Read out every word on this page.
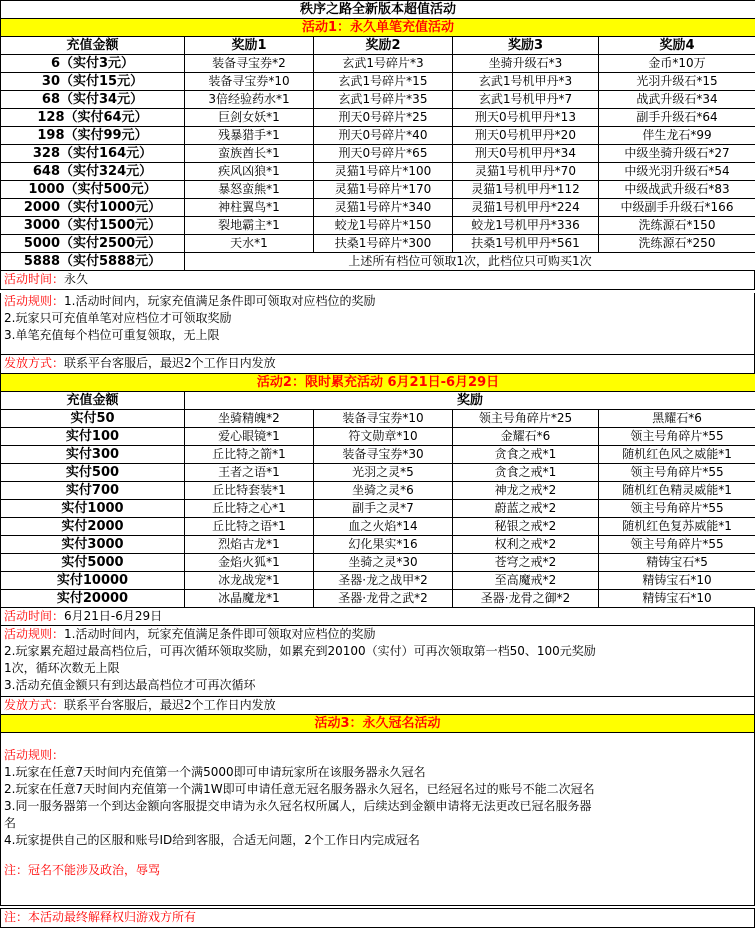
秩序之路全新版本超值活动				
活动1：永久单笔充值活动				
充值金额	奖励1	奖励2	奖励3	奖励4
6（实付3元）	装备寻宝券*2	玄武1号碎片*3	坐骑升级石*3	金币*10万
30（实付15元）	装备寻宝券*10	玄武1号碎片*15	玄武1号机甲丹*3	光羽升级石*15
68（实付34元）	3倍经验药水*1	玄武1号碎片*35	玄武1号机甲丹*7	战武升级石*34
128（实付64元）	巨剑女妖*1	刑天0号碎片*25	刑天0号机甲丹*13	副手升级石*64
198（实付99元）	残暴猎手*1	刑天0号碎片*40	刑天0号机甲丹*20	伴生龙石*99
328（实付164元）	蛮族酋长*1	刑天0号碎片*65	刑天0号机甲丹*34	中级坐骑升级石*27
648（实付324元）	疾风凶狼*1	灵猫1号碎片*100	灵猫1号机甲丹*70	中级光羽升级石*54
1000（实付500元）	暴怒蛮熊*1	灵猫1号碎片*170	灵猫1号机甲丹*112	中级战武升级石*83
2000（实付1000元）	神柱翼鸟*1	灵猫1号碎片*340	灵猫1号机甲丹*224	中级副手升级石*166
3000（实付1500元）	裂地霸主*1	蛟龙1号碎片*150	蛟龙1号机甲丹*336	洗练源石*150
5000（实付2500元）	天水*1	扶桑1号碎片*300	扶桑1号机甲丹*561	洗练源石*250
5888（实付5888元）	上述所有档位可领取1次，此档位只可购买1次			
活动时间：永久
活动规则：1.活动时间内，玩家充值满足条件即可领取对应档位的奖励
2.玩家只可充值单笔对应档位才可领取奖励
3.单笔充值每个档位可重复领取，无上限
发放方式：联系平台客服后，最迟2个工作日内发放
活动2：限时累充活动 6月21日-6月29日				
充值金额	奖励			
实付50	坐骑精魄*2	装备寻宝券*10	领主号角碎片*25	黑耀石*6
实付100	爱心眼镜*1	符文勋章*10	金耀石*6	领主号角碎片*55
实付300	丘比特之箭*1	装备寻宝券*30	贪食之戒*1	随机红色风之威能*1
实付500	王者之语*1	光羽之灵*5	贪食之戒*1	领主号角碎片*55
实付700	丘比特套装*1	坐骑之灵*6	神龙之戒*2	随机红色精灵威能*1
实付1000	丘比特之心*1	副手之灵*7	蔚蓝之戒*2	领主号角碎片*55
实付2000	丘比特之语*1	血之火焰*14	秘银之戒*2	随机红色复苏威能*1
实付3000	烈焰古龙*1	幻化果实*16	权利之戒*2	领主号角碎片*55
实付5000	金焰火狐*1	坐骑之灵*30	苍穹之戒*2	精铸宝石*5
实付10000	冰龙战宠*1	圣器·龙之战甲*2	至高魔戒*2	精铸宝石*10
实付20000	冰晶魔龙*1	圣器·龙骨之武*2	圣器·龙骨之御*2	精铸宝石*10
活动时间：6月21日-6月29日
活动规则：1.活动时间内，玩家充值满足条件即可领取对应档位的奖励
2.玩家累充超过最高档位后，可再次循环领取奖励，如累充到20100（实付）可再次领取第一档50、100元奖励
1次，循环次数无上限
3.活动充值金额只有到达最高档位才可再次循环
发放方式：联系平台客服后，最迟2个工作日内发放
活动3：永久冠名活动
活动规则：
1.玩家在任意7天时间内充值第一个满5000即可申请玩家所在该服务器永久冠名
2.玩家在任意7天时间内充值第一个满1W即可申请任意无冠名服务器永久冠名，已经冠名过的账号不能二次冠名
3.同一服务器第一个到达金额向客服提交申请为永久冠名权所属人，后续达到金额申请将无法更改已冠名服务器
名
4.玩家提供自己的区服和账号ID给到客服，合适无问题，2个工作日内完成冠名
注：冠名不能涉及政治，辱骂
注：本活动最终解释权归游戏方所有
